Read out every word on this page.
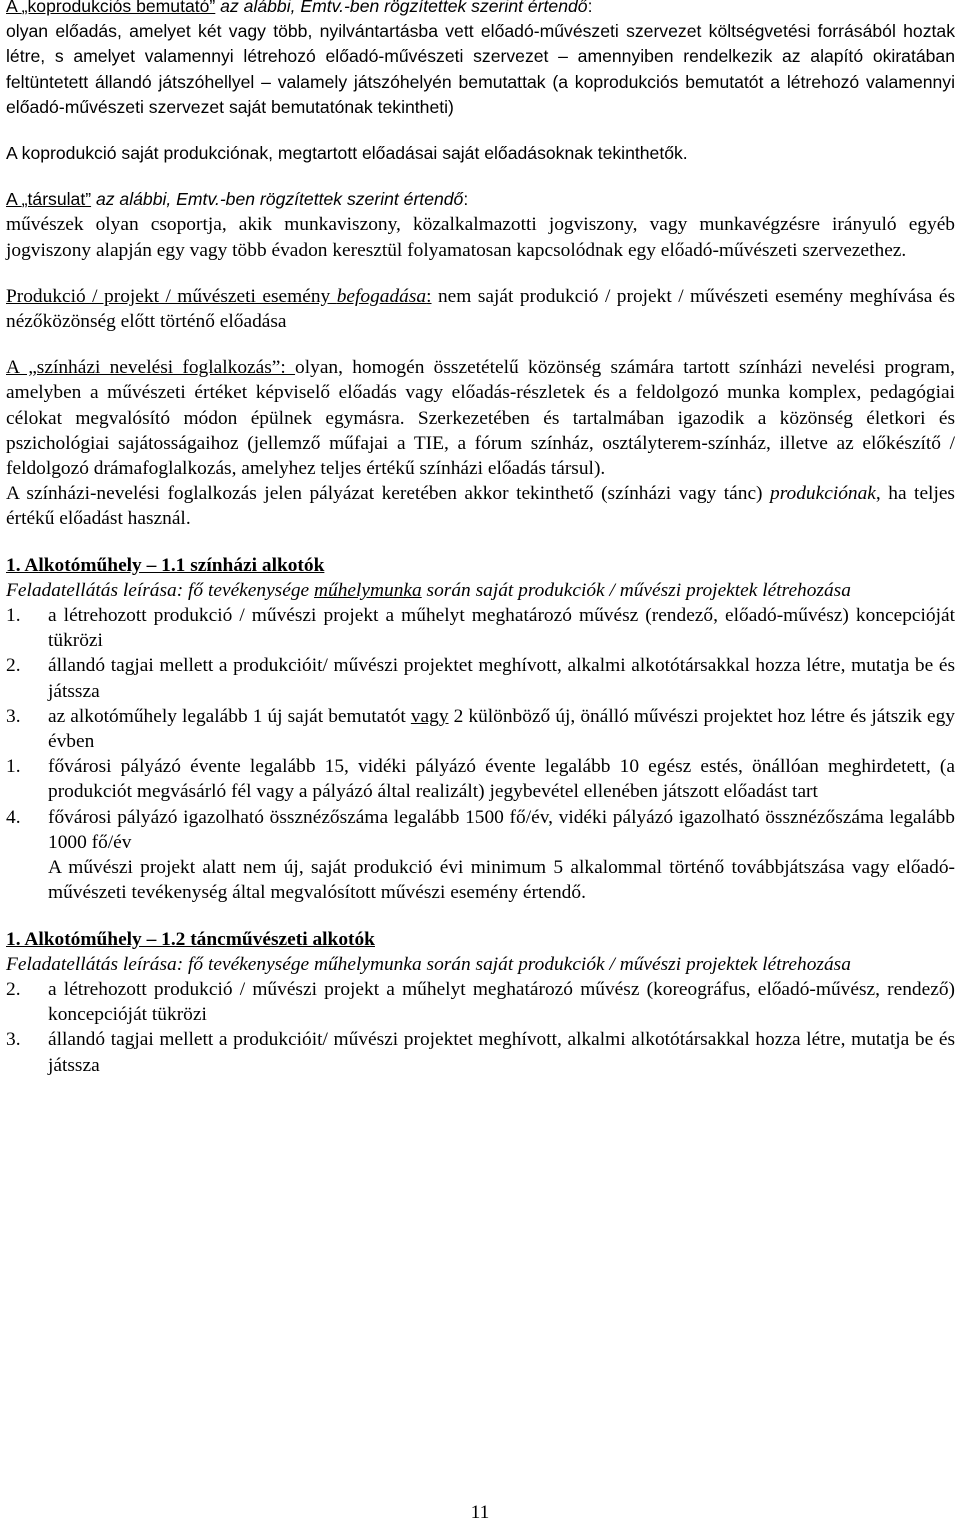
A „koprodukciós bemutató” az alábbi, Emtv.-ben rögzítettek szerint értendő:

olyan előadás, amelyet két vagy több, nyilvántartásba vett előadó-művészeti szervezet költségvetési forrásából hoztak létre, s amelyet valamennyi létrehozó előadó-művészeti szervezet – amennyiben rendelkezik az alapító okiratában feltüntetett állandó játszóhellyel – valamely játszóhelyén bemutattak (a koprodukciós bemutatót a létrehozó valamennyi előadó-művészeti szervezet saját bemutatónak tekintheti)

A koprodukció saját produkciónak, megtartott előadásai saját előadásoknak tekinthetők.

A „társulat” az alábbi, Emtv.-ben rögzítettek szerint értendő:

művészek olyan csoportja, akik munkaviszony, közalkalmazotti jogviszony, vagy munkavégzésre irányuló egyéb jogviszony alapján egy vagy több évadon keresztül folyamatosan kapcsolódnak egy előadó-művészeti szervezethez.

Produkció / projekt / művészeti esemény befogadása: nem saját produkció / projekt / művészeti esemény meghívása és nézőközönség előtt történő előadása

A „színházi nevelési foglalkozás”: olyan, homogén összetételű közönség számára tartott színházi nevelési program, amelyben a művészeti értéket képviselő előadás vagy előadás-részletek és a feldolgozó munka komplex, pedagógiai célokat megvalósító módon épülnek egymásra. Szerkezetében és tartalmában igazodik a közönség életkori és pszichológiai sajátosságaihoz (jellemző műfajai a TIE, a fórum színház, osztályterem-színház, illetve az előkészítő / feldolgozó drámafoglalkozás, amelyhez teljes értékű színházi előadás társul).

A színházi-nevelési foglalkozás jelen pályázat keretében akkor tekinthető (színházi vagy tánc) produkciónak, ha teljes értékű előadást használ.

1. Alkotóműhely – 1.1 színházi alkotók

Feladatellátás leírása: fő tevékenysége műhelymunka során saját produkciók / művészi projektek létrehozása

1.	a létrehozott produkció / művészi projekt a műhelyt meghatározó művész (rendező, előadó-művész) koncepcióját tükrözi
2.	állandó tagjai mellett a produkcióit/ művészi projektet meghívott, alkalmi alkotótársakkal hozza létre, mutatja be és játssza
3.	az alkotóműhely legalább 1 új saját bemutatót vagy 2 különböző új, önálló művészi projektet hoz létre és játszik egy évben
1.	fővárosi pályázó évente legalább 15, vidéki pályázó évente legalább 10 egész estés, önállóan meghirdetett, (a produkciót megvásárló fél vagy a pályázó által realizált) jegybevétel ellenében játszott előadást tart
4.	fővárosi pályázó igazolható össznézőszáma legalább 1500 fő/év, vidéki pályázó igazolható össznézőszáma legalább 1000 fő/év

A művészi projekt alatt nem új, saját produkció évi minimum 5 alkalommal történő továbbjátszása vagy előadó-művészeti tevékenység által megvalósított művészi esemény értendő.

1. Alkotóműhely – 1.2 táncművészeti alkotók

Feladatellátás leírása: fő tevékenysége műhelymunka során saját produkciók / művészi projektek létrehozása

2.	a létrehozott produkció / művészi projekt a műhelyt meghatározó művész (koreográfus, előadó-művész, rendező) koncepcióját tükrözi
3.	állandó tagjai mellett a produkcióit/ művészi projektet meghívott, alkalmi alkotótársakkal hozza létre, mutatja be és játssza
11
